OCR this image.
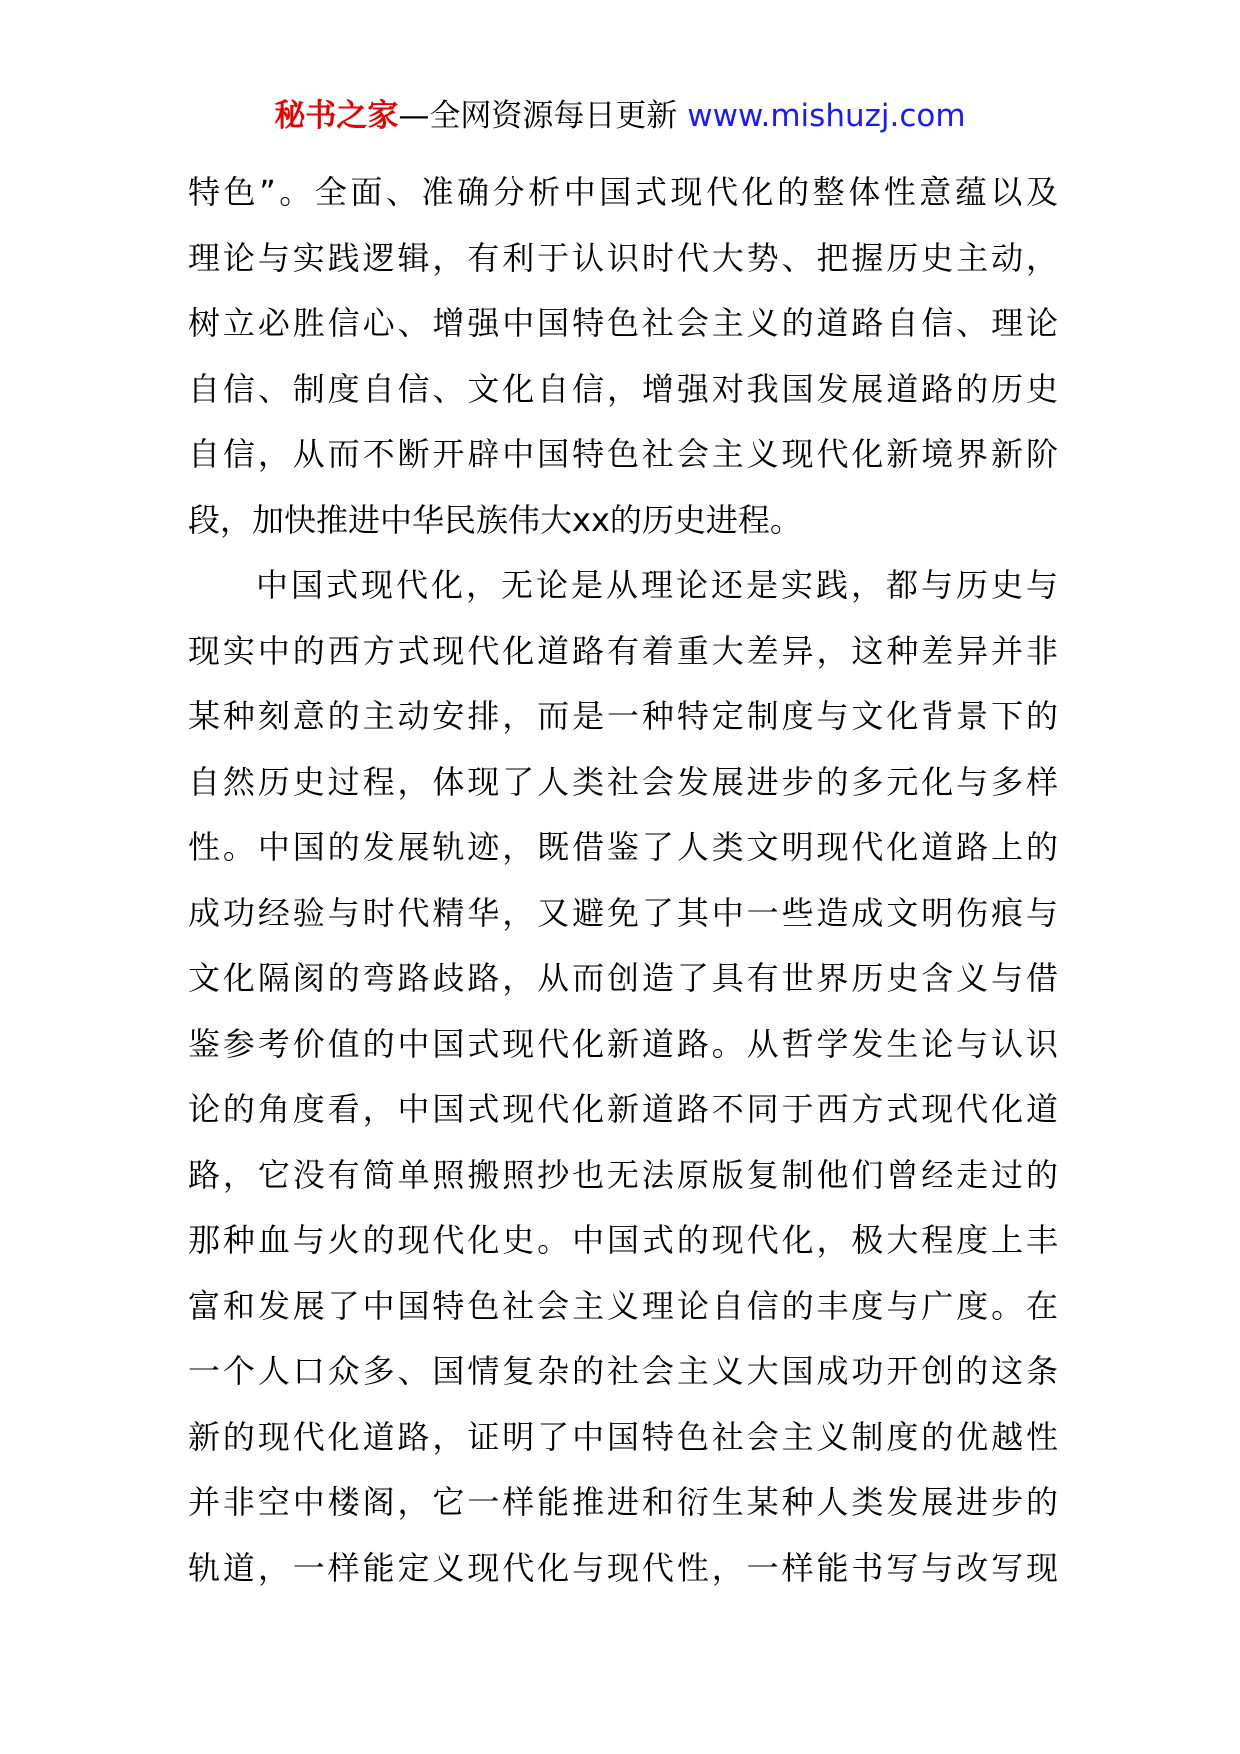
秘书之家—全网资源每日更新 www.mishuzj.com
特色”。全面、准确分析中国式现代化的整体性意蕴以及
理论与实践逻辑，有利于认识时代大势、把握历史主动，
树立必胜信心、增强中国特色社会主义的道路自信、理论
自信、制度自信、文化自信，增强对我国发展道路的历史
自信，从而不断开辟中国特色社会主义现代化新境界新阶
段，加快推进中华民族伟大xx的历史进程。
中国式现代化，无论是从理论还是实践，都与历史与
现实中的西方式现代化道路有着重大差异，这种差异并非
某种刻意的主动安排，而是一种特定制度与文化背景下的
自然历史过程，体现了人类社会发展进步的多元化与多样
性。中国的发展轨迹，既借鉴了人类文明现代化道路上的
成功经验与时代精华，又避免了其中一些造成文明伤痕与
文化隔阂的弯路歧路，从而创造了具有世界历史含义与借
鉴参考价值的中国式现代化新道路。从哲学发生论与认识
论的角度看，中国式现代化新道路不同于西方式现代化道
路，它没有简单照搬照抄也无法原版复制他们曾经走过的
那种血与火的现代化史。中国式的现代化，极大程度上丰
富和发展了中国特色社会主义理论自信的丰度与广度。在
一个人口众多、国情复杂的社会主义大国成功开创的这条
新的现代化道路，证明了中国特色社会主义制度的优越性
并非空中楼阁，它一样能推进和衍生某种人类发展进步的
轨道，一样能定义现代化与现代性，一样能书写与改写现
